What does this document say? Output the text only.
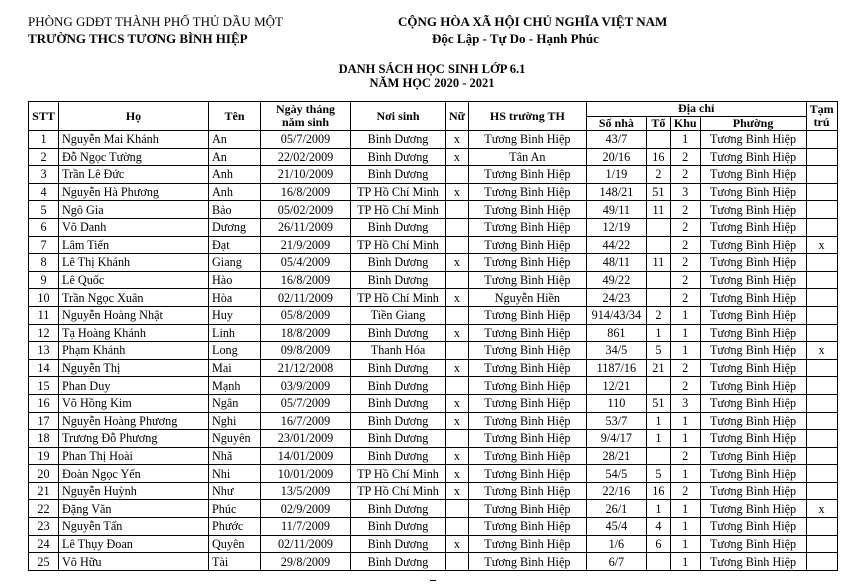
PHÒNG GDĐT THÀNH PHỐ THỦ DẦU MỘT
TRƯỜNG THCS TƯƠNG BÌNH HIỆP
CỘNG HÒA XÃ HỘI CHỦ NGHĨA VIỆT NAM
Độc Lập - Tự Do - Hạnh Phúc
DANH SÁCH HỌC SINH LỚP 6.1
NĂM HỌC 2020 - 2021
STT	Họ	Tên	Ngày tháng năm sinh	Nơi sinh	Nữ	HS trường TH	Địa chỉ				Tạm trú
							Số nhà	Tổ	Khu	Phường	
1	Nguyễn Mai Khánh	An	05/7/2009	Bình Dương	x	Tương Bình Hiệp	43/7		1	Tương Bình Hiệp	
2	Đỗ Ngọc Tường	An	22/02/2009	Bình Dương	x	Tân An	20/16	16	2	Tương Bình Hiệp	
3	Trần Lê Đức	Anh	21/10/2009	Bình Dương		Tương Bình Hiệp	1/19	2	2	Tương Bình Hiệp	
4	Nguyễn Hà Phương	Anh	16/8/2009	TP Hồ Chí Minh	x	Tương Bình Hiệp	148/21	51	3	Tương Bình Hiệp	
5	Ngô Gia	Bảo	05/02/2009	TP Hồ Chí Minh		Tương Bình Hiệp	49/11	11	2	Tương Bình Hiệp	
6	Võ Danh	Dương	26/11/2009	Bình Dương		Tương Bình Hiệp	12/19		2	Tương Bình Hiệp	
7	Lâm Tiến	Đạt	21/9/2009	TP Hồ Chí Minh		Tương Bình Hiệp	44/22		2	Tương Bình Hiệp	x
8	Lê Thị Khánh	Giang	05/4/2009	Bình Dương	x	Tương Bình Hiệp	48/11	11	2	Tương Bình Hiệp	
9	Lê Quốc	Hào	16/8/2009	Bình Dương		Tương Bình Hiệp	49/22		2	Tương Bình Hiệp	
10	Trần Ngọc Xuân	Hòa	02/11/2009	TP Hồ Chí Minh	x	Nguyễn Hiền	24/23		2	Tương Bình Hiệp	
11	Nguyễn Hoàng Nhật	Huy	05/8/2009	Tiền Giang		Tương Bình Hiệp	914/43/34	2	1	Tương Bình Hiệp	
12	Tạ Hoàng Khánh	Linh	18/8/2009	Bình Dương	x	Tương Bình Hiệp	861	1	1	Tương Bình Hiệp	
13	Phạm Khánh	Long	09/8/2009	Thanh Hóa		Tương Bình Hiệp	34/5	5	1	Tương Bình Hiệp	x
14	Nguyễn Thị	Mai	21/12/2008	Bình Dương	x	Tương Bình Hiệp	1187/16	21	2	Tương Bình Hiệp	
15	Phan Duy	Mạnh	03/9/2009	Bình Dương		Tương Bình Hiệp	12/21		2	Tương Bình Hiệp	
16	Võ Hồng Kim	Ngân	05/7/2009	Bình Dương	x	Tương Bình Hiệp	110	51	3	Tương Bình Hiệp	
17	Nguyễn Hoàng Phương	Nghi	16/7/2009	Bình Dương	x	Tương Bình Hiệp	53/7	1	1	Tương Bình Hiệp	
18	Trương Đỗ Phương	Nguyên	23/01/2009	Bình Dương		Tương Bình Hiệp	9/4/17	1	1	Tương Bình Hiệp	
19	Phan Thị Hoài	Nhã	14/01/2009	Bình Dương	x	Tương Bình Hiệp	28/21		2	Tương Bình Hiệp	
20	Đoàn Ngọc Yến	Nhi	10/01/2009	TP Hồ Chí Minh	x	Tương Bình Hiệp	54/5	5	1	Tương Bình Hiệp	
21	Nguyễn Huỳnh	Như	13/5/2009	TP Hồ Chí Minh	x	Tương Bình Hiệp	22/16	16	2	Tương Bình Hiệp	
22	Đặng Văn	Phúc	02/9/2009	Bình Dương		Tương Bình Hiệp	26/1	1	1	Tương Bình Hiệp	x
23	Nguyễn Tấn	Phước	11/7/2009	Bình Dương		Tương Bình Hiệp	45/4	4	1	Tương Bình Hiệp	
24	Lê Thụy Đoan	Quyên	02/11/2009	Bình Dương	x	Tương Bình Hiệp	1/6	6	1	Tương Bình Hiệp	
25	Võ Hữu	Tài	29/8/2009	Bình Dương		Tương Bình Hiệp	6/7		1	Tương Bình Hiệp	
